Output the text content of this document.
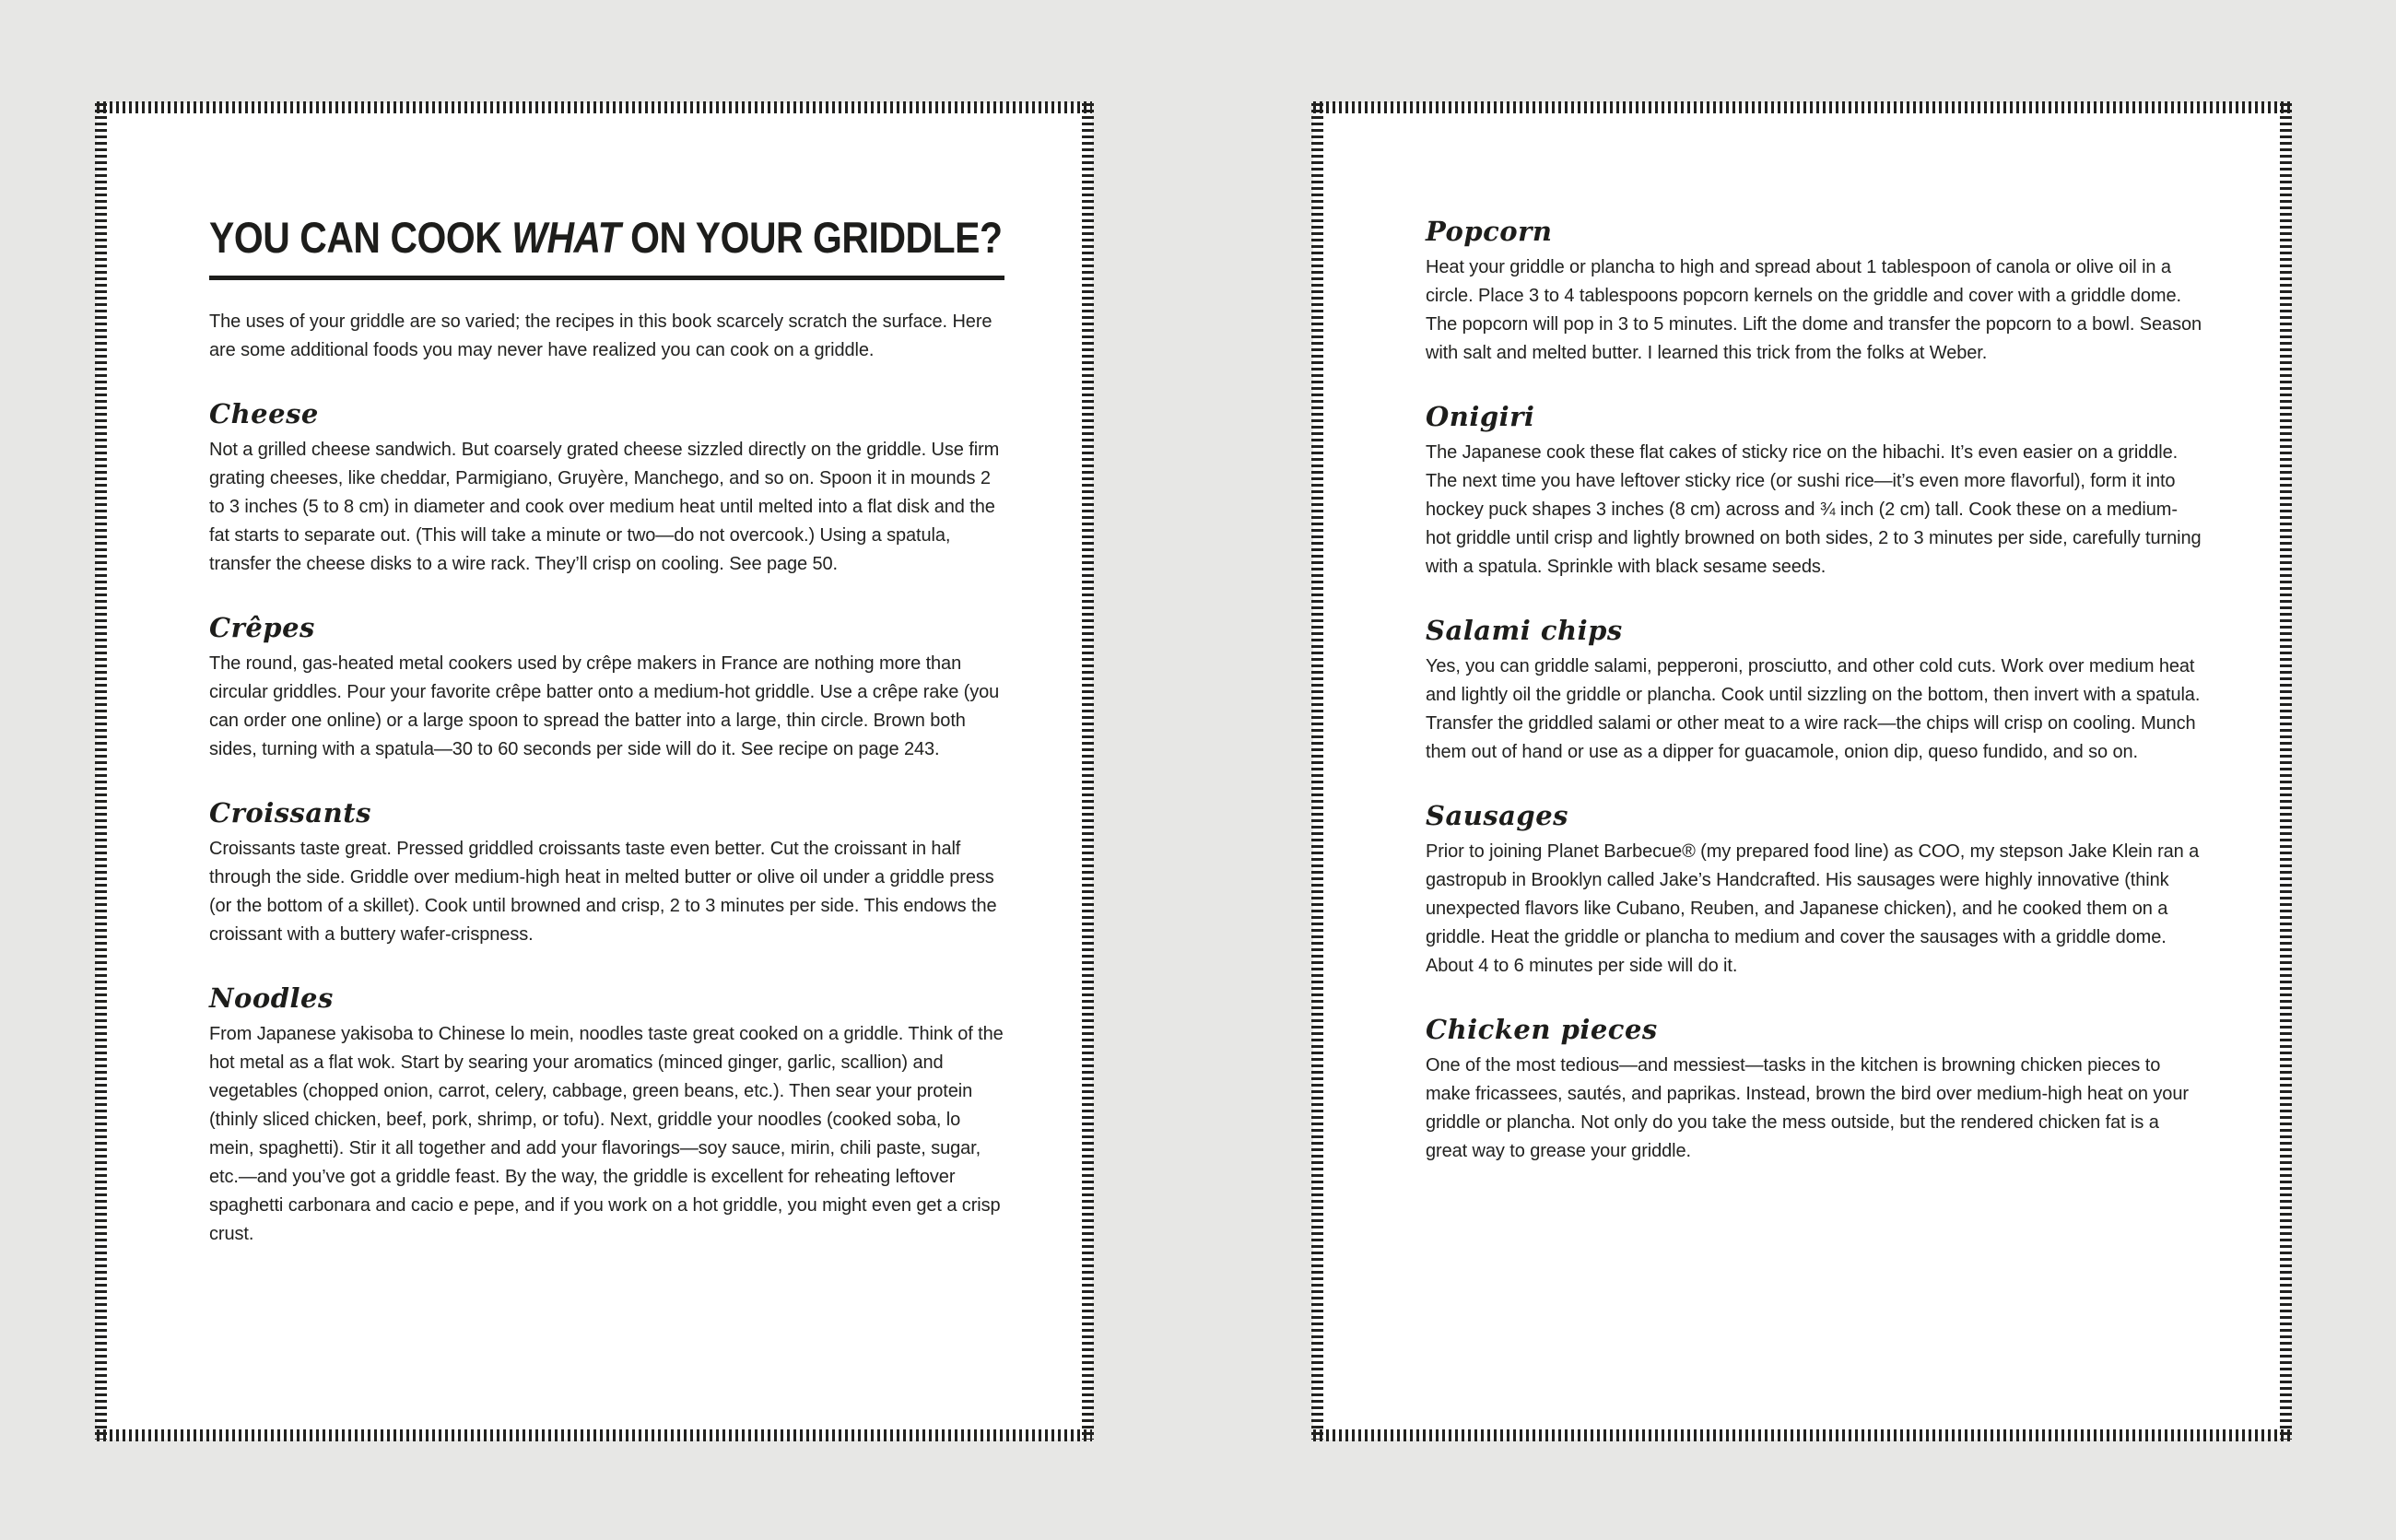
YOU CAN COOK WHAT ON YOUR GRIDDLE?

The uses of your griddle are so varied; the recipes in this book scarcely scratch the surface. Here are some additional foods you may never have realized you can cook on a griddle.

Cheese

Not a grilled cheese sandwich. But coarsely grated cheese sizzled directly on the griddle. Use firm grating cheeses, like cheddar, Parmigiano, Gruyère, Manchego, and so on. Spoon it in mounds 2 to 3 inches (5 to 8 cm) in diameter and cook over medium heat until melted into a flat disk and the fat starts to separate out. (This will take a minute or two—do not overcook.) Using a spatula, transfer the cheese disks to a wire rack. They’ll crisp on cooling. See page 50.

Crêpes

The round, gas-heated metal cookers used by crêpe makers in France are nothing more than circular griddles. Pour your favorite crêpe batter onto a medium-hot griddle. Use a crêpe rake (you can order one online) or a large spoon to spread the batter into a large, thin circle. Brown both sides, turning with a spatula—30 to 60 seconds per side will do it. See recipe on page 243.

Croissants

Croissants taste great. Pressed griddled croissants taste even better. Cut the croissant in half through the side. Griddle over medium-high heat in melted butter or olive oil under a griddle press (or the bottom of a skillet). Cook until browned and crisp, 2 to 3 minutes per side. This endows the croissant with a buttery wafer-crispness.

Noodles

From Japanese yakisoba to Chinese lo mein, noodles taste great cooked on a griddle. Think of the hot metal as a flat wok. Start by searing your aromatics (minced ginger, garlic, scallion) and vegetables (chopped onion, carrot, celery, cabbage, green beans, etc.). Then sear your protein (thinly sliced chicken, beef, pork, shrimp, or tofu). Next, griddle your noodles (cooked soba, lo mein, spaghetti). Stir it all together and add your flavorings—soy sauce, mirin, chili paste, sugar, etc.—and you’ve got a griddle feast. By the way, the griddle is excellent for reheating leftover spaghetti carbonara and cacio e pepe, and if you work on a hot griddle, you might even get a crisp crust.

Popcorn

Heat your griddle or plancha to high and spread about 1 tablespoon of canola or olive oil in a circle. Place 3 to 4 tablespoons popcorn kernels on the griddle and cover with a griddle dome. The popcorn will pop in 3 to 5 minutes. Lift the dome and transfer the popcorn to a bowl. Season with salt and melted butter. I learned this trick from the folks at Weber.

Onigiri

The Japanese cook these flat cakes of sticky rice on the hibachi. It’s even easier on a griddle. The next time you have leftover sticky rice (or sushi rice—it’s even more flavorful), form it into hockey puck shapes 3 inches (8 cm) across and ¾ inch (2 cm) tall. Cook these on a medium-hot griddle until crisp and lightly browned on both sides, 2 to 3 minutes per side, carefully turning with a spatula. Sprinkle with black sesame seeds.

Salami chips

Yes, you can griddle salami, pepperoni, prosciutto, and other cold cuts. Work over medium heat and lightly oil the griddle or plancha. Cook until sizzling on the bottom, then invert with a spatula. Transfer the griddled salami or other meat to a wire rack—the chips will crisp on cooling. Munch them out of hand or use as a dipper for guacamole, onion dip, queso fundido, and so on.

Sausages

Prior to joining Planet Barbecue® (my prepared food line) as COO, my stepson Jake Klein ran a gastropub in Brooklyn called Jake’s Handcrafted. His sausages were highly innovative (think unexpected flavors like Cubano, Reuben, and Japanese chicken), and he cooked them on a griddle. Heat the griddle or plancha to medium and cover the sausages with a griddle dome. About 4 to 6 minutes per side will do it.

Chicken pieces

One of the most tedious—and messiest—tasks in the kitchen is browning chicken pieces to make fricassees, sautés, and paprikas. Instead, brown the bird over medium-high heat on your griddle or plancha. Not only do you take the mess outside, but the rendered chicken fat is a great way to grease your griddle.
